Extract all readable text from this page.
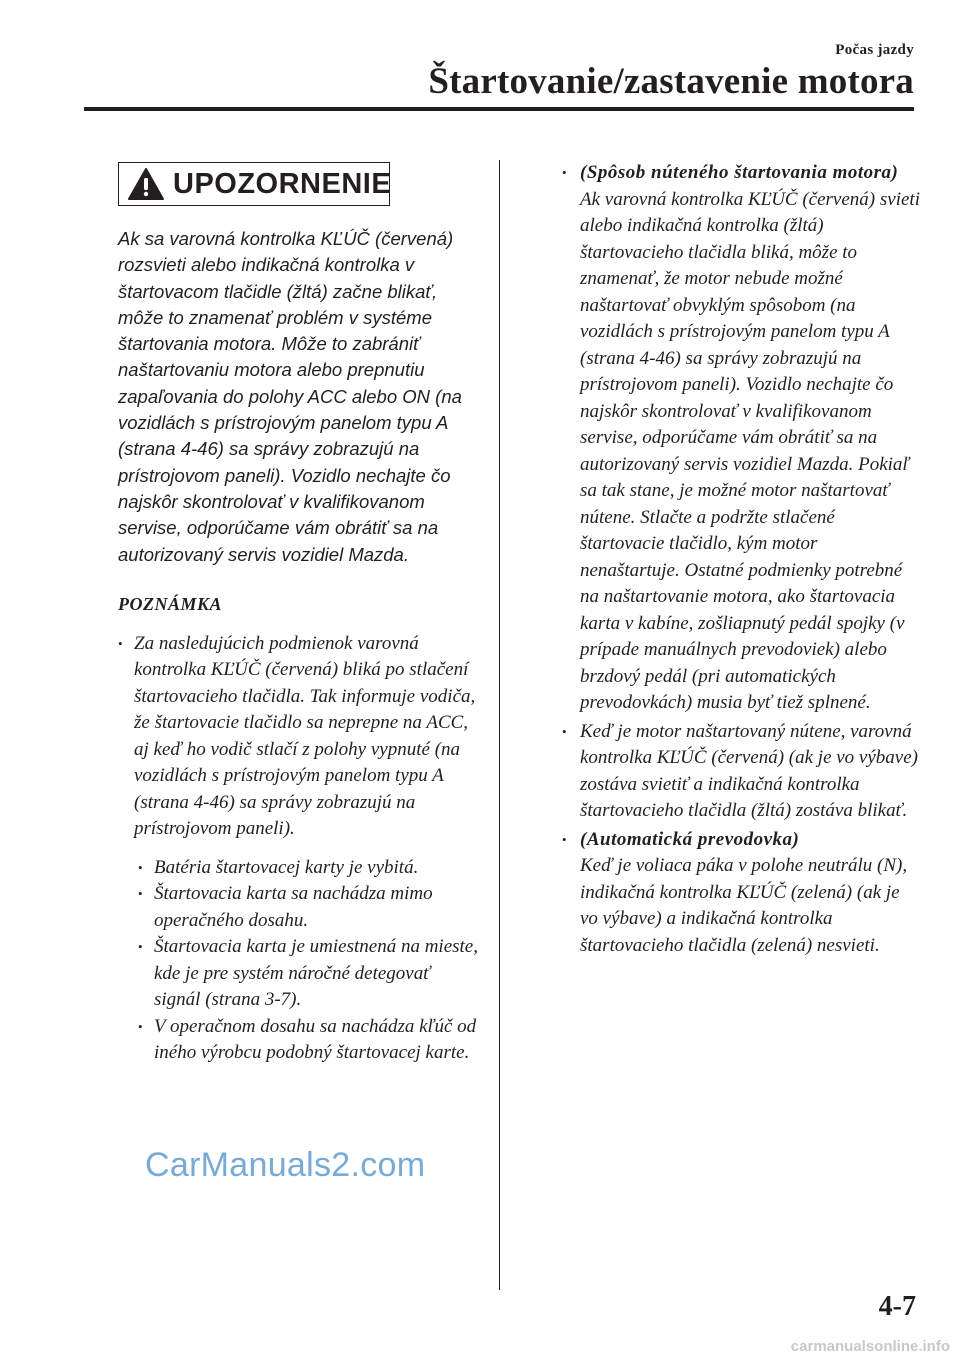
Počas jazdy
Štartovanie/zastavenie motora
UPOZORNENIE
Ak sa varovná kontrolka KĽÚČ (červená) rozsvieti alebo indikačná kontrolka v štartovacom tlačidle (žltá) začne blikať, môže to znamenať problém v systéme štartovania motora. Môže to zabrániť naštartovaniu motora alebo prepnutiu zapaľovania do polohy ACC alebo ON (na vozidlách s prístrojovým panelom typu A (strana 4-46) sa správy zobrazujú na prístrojovom paneli). Vozidlo nechajte čo najskôr skontrolovať v kvalifikovanom servise, odporúčame vám obrátiť sa na autorizovaný servis vozidiel Mazda.
POZNÁMKA
• Za nasledujúcich podmienok varovná kontrolka KĽÚČ (červená) bliká po stlačení štartovacieho tlačidla. Tak informuje vodiča, že štartovacie tlačidlo sa neprepne na ACC, aj keď ho vodič stlačí z polohy vypnuté (na vozidlách s prístrojovým panelom typu A (strana 4-46) sa správy zobrazujú na prístrojovom paneli).
• Batéria štartovacej karty je vybitá.
• Štartovacia karta sa nachádza mimo operačného dosahu.
• Štartovacia karta je umiestnená na mieste, kde je pre systém náročné detegovať signál (strana 3-7).
• V operačnom dosahu sa nachádza kľúč od iného výrobcu podobný štartovacej karte.
• (Spôsob núteného štartovania motora)
Ak varovná kontrolka KĽÚČ (červená) svieti alebo indikačná kontrolka (žltá) štartovacieho tlačidla bliká, môže to znamenať, že motor nebude možné naštartovať obvyklým spôsobom (na vozidlách s prístrojovým panelom typu A (strana 4-46) sa správy zobrazujú na prístrojovom paneli). Vozidlo nechajte čo najskôr skontrolovať v kvalifikovanom servise, odporúčame vám obrátiť sa na autorizovaný servis vozidiel Mazda. Pokiaľ sa tak stane, je možné motor naštartovať nútene. Stlačte a podržte stlačené štartovacie tlačidlo, kým motor nenaštartuje. Ostatné podmienky potrebné na naštartovanie motora, ako štartovacia karta v kabíne, zošliapnutý pedál spojky (v prípade manuálnych prevodoviek) alebo brzdový pedál (pri automatických prevodovkách) musia byť tiež splnené.
• Keď je motor naštartovaný nútene, varovná kontrolka KĽÚČ (červená) (ak je vo výbave) zostáva svietiť a indikačná kontrolka štartovacieho tlačidla (žltá) zostáva blikať.
• (Automatická prevodovka)
Keď je voliaca páka v polohe neutrálu (N), indikačná kontrolka KĽÚČ (zelená) (ak je vo výbave) a indikačná kontrolka štartovacieho tlačidla (zelená) nesvieti.
CarManuals2.com
4-7
carmanualsonline.info
